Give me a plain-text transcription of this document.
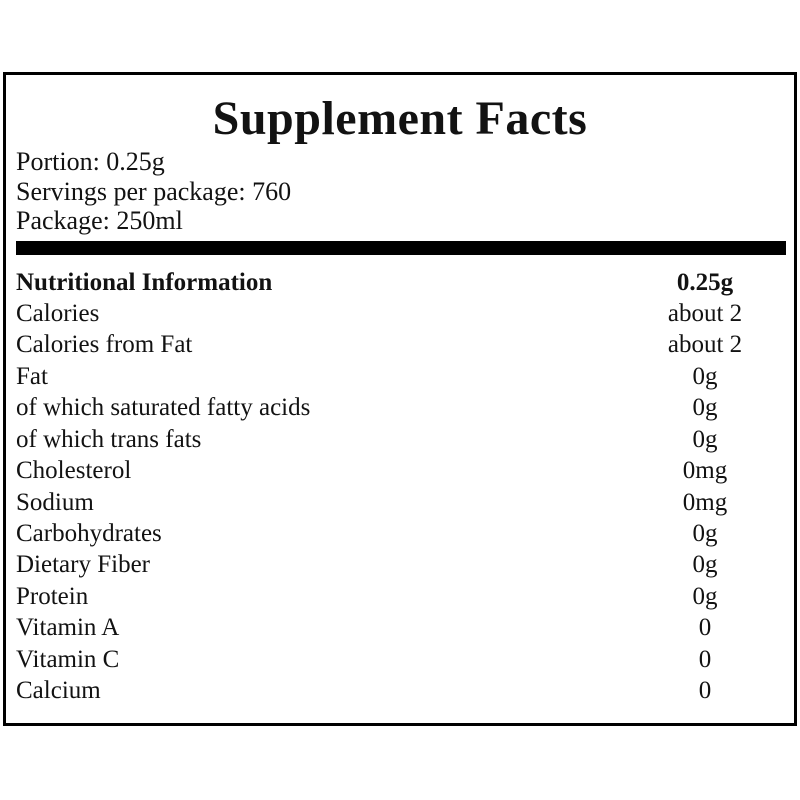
Supplement Facts
Portion: 0.25g
Servings per package: 760
Package: 250ml
Nutritional Information	0.25g
Calories	about 2
Calories from Fat	about 2
Fat	0g
of which saturated fatty acids	0g
of which trans fats	0g
Cholesterol	0mg
Sodium	0mg
Carbohydrates	0g
Dietary Fiber	0g
Protein	0g
Vitamin A	0
Vitamin C	0
Calcium	0
